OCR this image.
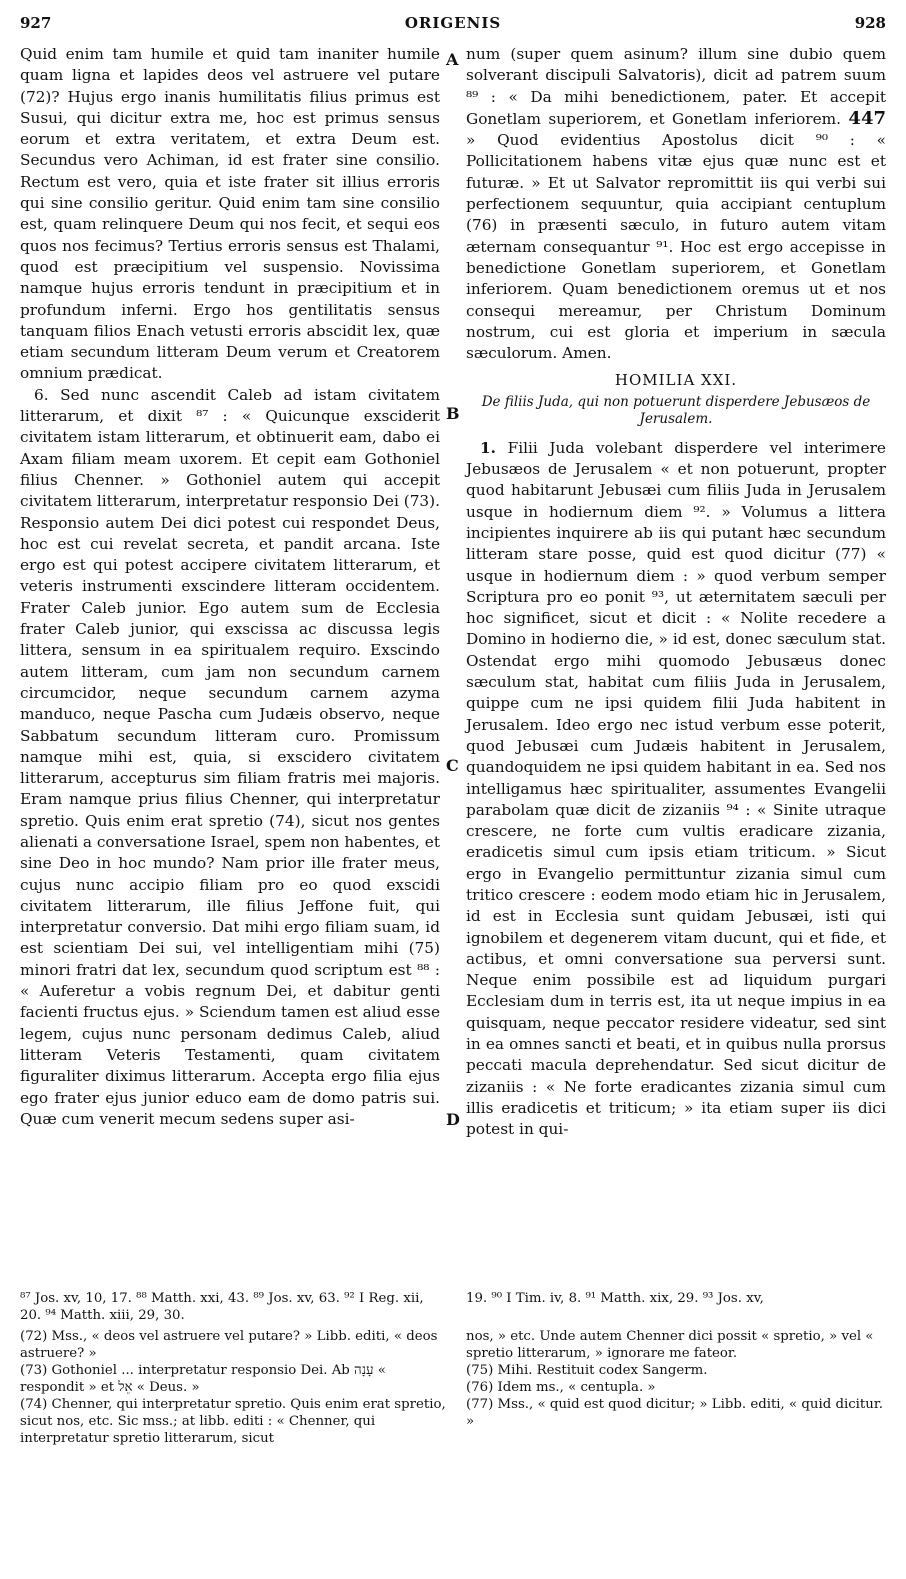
927	ORIGENIS	928

Quid enim tam humile et quid tam inaniter humile quam ligna et lapides deos vel astruere vel putare (72)? Hujus ergo inanis humilitatis filius primus est Susui, qui dicitur extra me, hoc est primus sensus eorum et extra veritatem, et extra Deum est. Secundus vero Achiman, id est frater sine consilio. Rectum est vero, quia et iste frater sit illius erroris qui sine consilio geritur. Quid enim tam sine consilio est, quam relinquere Deum qui nos fecit, et sequi eos quos nos fecimus? Tertius erroris sensus est Thalami, quod est præcipitium vel suspensio. Novissima namque hujus erroris tendunt in præcipitium et in profundum inferni. Ergo hos gentilitatis sensus tanquam filios Enach vetusti erroris abscidit lex, quæ etiam secundum litteram Deum verum et Creatorem omnium prædicat.

6. Sed nunc ascendit Caleb ad istam civitatem litterarum, et dixit ⁸⁷ : « Quicunque exsciderit civitatem istam litterarum, et obtinuerit eam, dabo ei Axam filiam meam uxorem. Et cepit eam Gothoniel filius Chenner. » Gothoniel autem qui accepit civitatem litterarum, interpretatur responsio Dei (73). Responsio autem Dei dici potest cui respondet Deus, hoc est cui revelat secreta, et pandit arcana. Iste ergo est qui potest accipere civitatem litterarum, et veteris instrumenti exscindere litteram occidentem. Frater Caleb junior. Ego autem sum de Ecclesia frater Caleb junior, qui exscissa ac discussa legis littera, sensum in ea spiritualem requiro. Exscindo autem litteram, cum jam non secundum carnem circumcidor, neque secundum carnem azyma manduco, neque Pascha cum Judæis observo, neque Sabbatum secundum litteram curo. Promissum namque mihi est, quia, si exscidero civitatem litterarum, accepturus sim filiam fratris mei majoris. Eram namque prius filius Chenner, qui interpretatur spretio. Quis enim erat spretio (74), sicut nos gentes alienati a conversatione Israel, spem non habentes, et sine Deo in hoc mundo? Nam prior ille frater meus, cujus nunc accipio filiam pro eo quod exscidi civitatem litterarum, ille filius Jeffone fuit, qui interpretatur conversio. Dat mihi ergo filiam suam, id est scientiam Dei sui, vel intelligentiam mihi (75) minori fratri dat lex, secundum quod scriptum est ⁸⁸ : « Auferetur a vobis regnum Dei, et dabitur genti facienti fructus ejus. » Sciendum tamen est aliud esse legem, cujus nunc personam dedimus Caleb, aliud litteram Veteris Testamenti, quam civitatem figuraliter diximus litterarum. Accepta ergo filia ejus ego frater ejus junior educo eam de domo patris sui. Quæ cum venerit mecum sedens super asi-

A
B
C
D

num (super quem asinum? illum sine dubio quem solverant discipuli Salvatoris), dicit ad patrem suum ⁸⁹ : « Da mihi benedictionem, pater. Et accepit Gonetlam superiorem, et Gonetlam inferiorem. 447 » Quod evidentius Apostolus dicit ⁹⁰ : « Pollicitationem habens vitæ ejus quæ nunc est et futuræ. » Et ut Salvator repromittit iis qui verbi sui perfectionem sequuntur, quia accipiant centuplum (76) in præsenti sæculo, in futuro autem vitam æternam consequantur ⁹¹. Hoc est ergo accepisse in benedictione Gonetlam superiorem, et Gonetlam inferiorem. Quam benedictionem oremus ut et nos consequi mereamur, per Christum Dominum nostrum, cui est gloria et imperium in sæcula sæculorum. Amen.

HOMILIA XXI.
De filiis Juda, qui non potuerunt disperdere Jebusæos de Jerusalem.

1. Filii Juda volebant disperdere vel interimere Jebusæos de Jerusalem « et non potuerunt, propter quod habitarunt Jebusæi cum filiis Juda in Jerusalem usque in hodiernum diem ⁹². » Volumus a littera incipientes inquirere ab iis qui putant hæc secundum litteram stare posse, quid est quod dicitur (77) « usque in hodiernum diem : » quod verbum semper Scriptura pro eo ponit ⁹³, ut æternitatem sæculi per hoc significet, sicut et dicit : « Nolite recedere a Domino in hodierno die, » id est, donec sæculum stat. Ostendat ergo mihi quomodo Jebusæus donec sæculum stat, habitat cum filiis Juda in Jerusalem, quippe cum ne ipsi quidem filii Juda habitent in Jerusalem. Ideo ergo nec istud verbum esse poterit, quod Jebusæi cum Judæis habitent in Jerusalem, quandoquidem ne ipsi quidem habitant in ea. Sed nos intelligamus hæc spiritualiter, assumentes Evangelii parabolam quæ dicit de zizaniis ⁹⁴ : « Sinite utraque crescere, ne forte cum vultis eradicare zizania, eradicetis simul cum ipsis etiam triticum. » Sicut ergo in Evangelio permittuntur zizania simul cum tritico crescere : eodem modo etiam hic in Jerusalem, id est in Ecclesia sunt quidam Jebusæi, isti qui ignobilem et degenerem vitam ducunt, qui et fide, et actibus, et omni conversatione sua perversi sunt. Neque enim possibile est ad liquidum purgari Ecclesiam dum in terris est, ita ut neque impius in ea quisquam, neque peccator residere videatur, sed sint in ea omnes sancti et beati, et in quibus nulla prorsus peccati macula deprehendatur. Sed sicut dicitur de zizaniis : « Ne forte eradicantes zizania simul cum illis eradicetis et triticum; » ita etiam super iis dici potest in qui-

⁸⁷ Jos. xv, 10, 17. ⁸⁸ Matth. xxi, 43. ⁸⁹ Jos. xv, 63. ⁹² I Reg. xii, 20. ⁹⁴ Matth. xiii, 29, 30.
19. ⁹⁰ I Tim. iv, 8. ⁹¹ Matth. xix, 29. ⁹³ Jos. xv,
(72) Mss., « deos vel astruere vel putare? » Libb. editi, « deos astruere? »
(73) Gothoniel ... interpretatur responsio Dei. Ab עָנָה « respondit » et אֵל « Deus. »
(74) Chenner, qui interpretatur spretio. Quis enim erat spretio, sicut nos, etc. Sic mss.; at libb. editi : « Chenner, qui interpretatur spretio litterarum, sicut
nos, » etc. Unde autem Chenner dici possit « spretio, » vel « spretio litterarum, » ignorare me fateor.
(75) Mihi. Restituit codex Sangerm.
(76) Idem ms., « centupla. »
(77) Mss., « quid est quod dicitur; » Libb. editi, « quid dicitur. »
